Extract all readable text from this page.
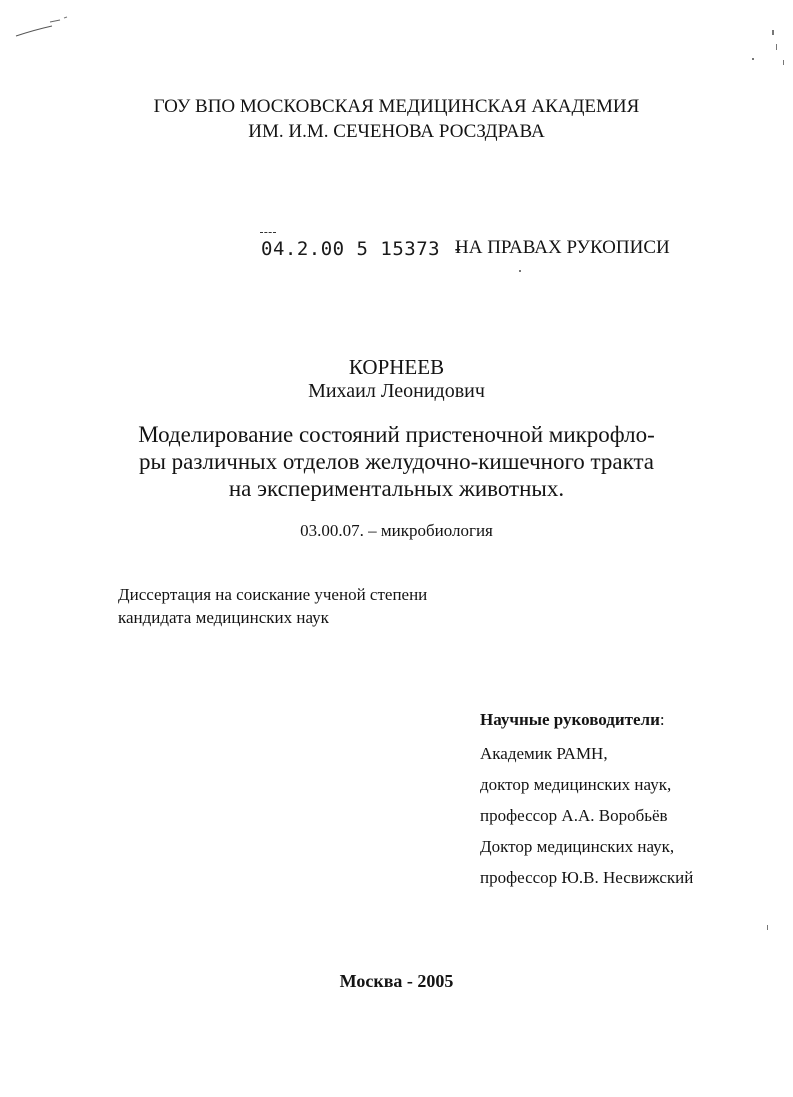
ГОУ ВПО МОСКОВСКАЯ МЕДИЦИНСКАЯ АКАДЕМИЯ
ИМ. И.М. СЕЧЕНОВА РОСЗДРАВА
04.2.00 5 15373 -
НА ПРАВАХ РУКОПИСИ
КОРНЕЕВ
Михаил Леонидович
Моделирование состояний пристеночной микрофло-
ры различных отделов желудочно-кишечного тракта
на экспериментальных животных.
03.00.07. – микробиология
Диссертация на соискание ученой степени
кандидата медицинских наук
Научные руководители:
Академик РАМН,
доктор медицинских наук,
профессор А.А. Воробьёв
Доктор медицинских наук,
профессор Ю.В. Несвижский
Москва - 2005
